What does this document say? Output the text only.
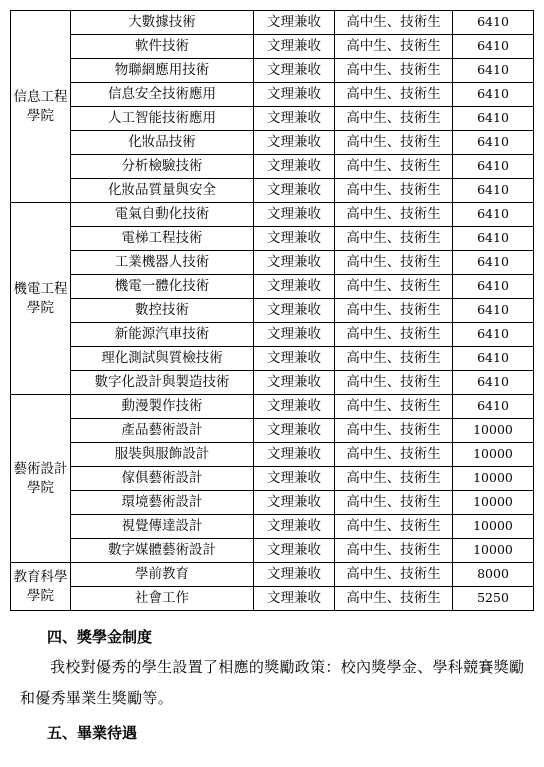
信息工程學院	大數據技術	文理兼收	高中生、技術生	6410
	軟件技術	文理兼收	高中生、技術生	6410
	物聯網應用技術	文理兼收	高中生、技術生	6410
	信息安全技術應用	文理兼收	高中生、技術生	6410
	人工智能技術應用	文理兼收	高中生、技術生	6410
	化妝品技術	文理兼收	高中生、技術生	6410
	分析檢驗技術	文理兼收	高中生、技術生	6410
	化妝品質量與安全	文理兼收	高中生、技術生	6410
機電工程學院	電氣自動化技術	文理兼收	高中生、技術生	6410
	電梯工程技術	文理兼收	高中生、技術生	6410
	工業機器人技術	文理兼收	高中生、技術生	6410
	機電一體化技術	文理兼收	高中生、技術生	6410
	數控技術	文理兼收	高中生、技術生	6410
	新能源汽車技術	文理兼收	高中生、技術生	6410
	理化測試與質檢技術	文理兼收	高中生、技術生	6410
	數字化設計與製造技術	文理兼收	高中生、技術生	6410
藝術設計學院	動漫製作技術	文理兼收	高中生、技術生	6410
	產品藝術設計	文理兼收	高中生、技術生	10000
	服裝與服飾設計	文理兼收	高中生、技術生	10000
	傢俱藝術設計	文理兼收	高中生、技術生	10000
	環境藝術設計	文理兼收	高中生、技術生	10000
	視覺傳達設計	文理兼收	高中生、技術生	10000
	數字媒體藝術設計	文理兼收	高中生、技術生	10000
教育科學學院	學前教育	文理兼收	高中生、技術生	8000
	社會工作	文理兼收	高中生、技術生	5250
四、獎學金制度
我校對優秀的學生設置了相應的獎勵政策：校內獎學金、學科競賽獎勵和優秀畢業生獎勵等。
五、畢業待遇
